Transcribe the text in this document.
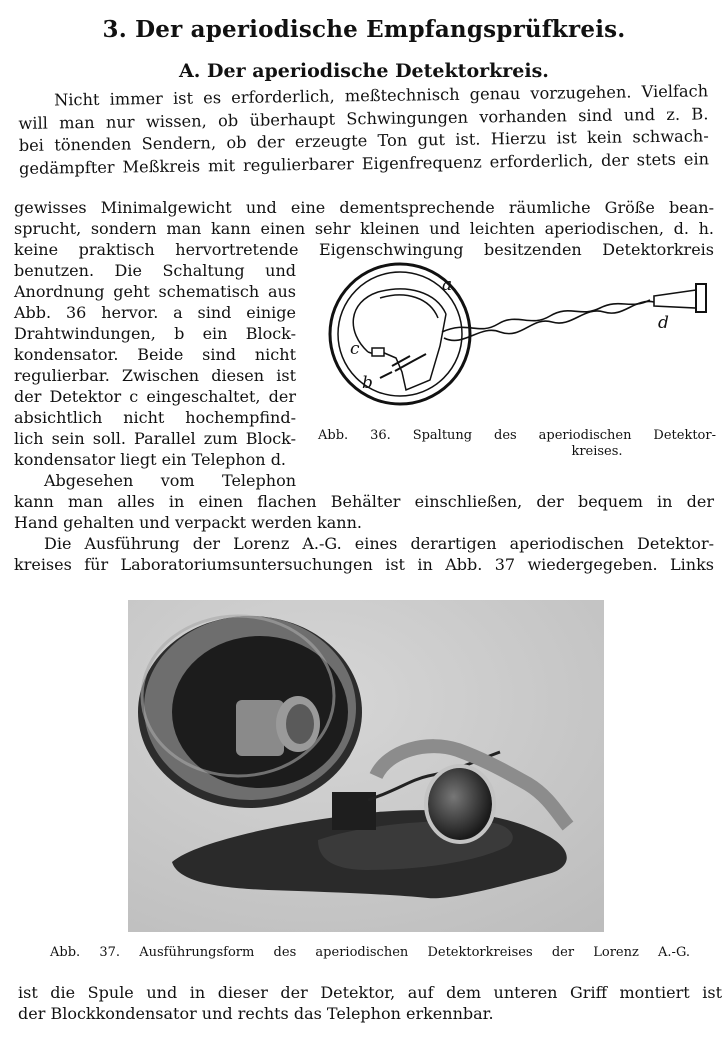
3. Der aperiodische Empfangsprüfkreis.
A. Der aperiodische Detektorkreis.
Nicht immer ist es erforderlich, meßtechnisch genau vorzugehen. Vielfach
will man nur wissen, ob überhaupt Schwingungen vorhanden sind und z. B.
bei tönenden Sendern, ob der erzeugte Ton gut ist. Hierzu ist kein schwach-
gedämpfter Meßkreis mit regulierbarer Eigenfrequenz erforderlich, der stets ein
gewisses Minimalgewicht und eine dementsprechende räumliche Größe bean-
sprucht, sondern man kann einen sehr kleinen und leichten aperiodischen, d. h.
keine praktisch hervortretende Eigenschwingung besitzenden Detektorkreis
benutzen. Die Schaltung und
Anordnung geht schematisch aus
Abb. 36 hervor. a sind einige
Drahtwindungen, b ein Block-
kondensator. Beide sind nicht
regulierbar. Zwischen diesen ist
der Detektor c eingeschaltet, der
absichtlich nicht hochempfind-
lich sein soll. Parallel zum Block-
kondensator liegt ein Telephon d.
a
b
c
d
Abb. 36. Spaltung des aperiodischen Detektor-
kreises.
Abgesehen vom Telephon
kann man alles in einen flachen Behälter einschließen, der bequem in der
Hand gehalten und verpackt werden kann.
Die Ausführung der Lorenz A.-G. eines derartigen aperiodischen Detektor-
kreises für Laboratoriumsuntersuchungen ist in Abb. 37 wiedergegeben. Links
Abb. 37. Ausführungsform des aperiodischen Detektorkreises der Lorenz A.-G.
ist die Spule und in dieser der Detektor, auf dem unteren Griff montiert ist
der Blockkondensator und rechts das Telephon erkennbar.
